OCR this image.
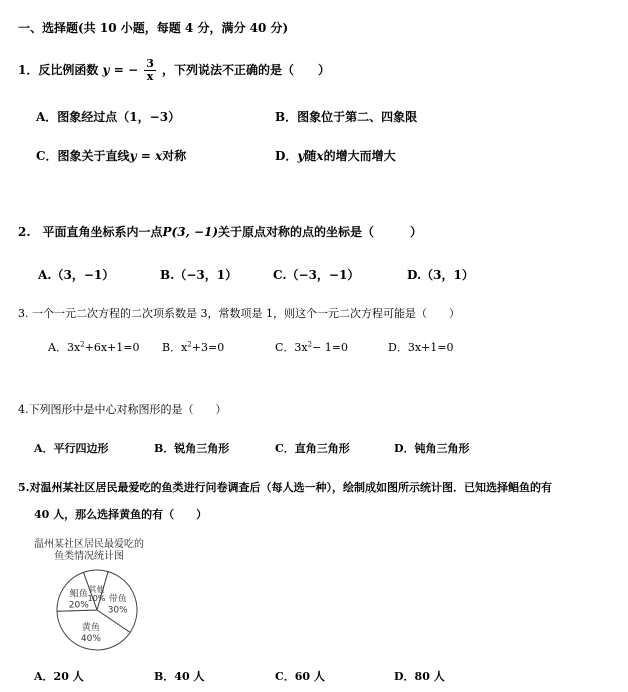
一、选择题(共 10 小题，每题 4 分，满分 40 分)
1．反比例函数 y = − $\frac{3}{x}$ ，下列说法不正确的是（　　）
A．图象经过点（1，−3）	B．图象位于第二、四象限
C．图象关于直线y = x对称	D．y随x的增大而增大
2.　平面直角坐标系内一点P(3, −1)关于原点对称的点的坐标是（　　　）
A.（3，−1）	B.（−3，1）	C.（−3，−1）	D.（3，1）
3. 一个一元二次方程的二次项系数是 3，常数项是 1，则这个一元二次方程可能是（　　）
A．$3x^2+6x+1=0$ B．$x^2+3=0$	C．$3x^2- 1=0$	D．3x+1=0
4.下列图形中是中心对称图形的是（　　）
A．平行四边形	B．锐角三角形	C．直角三角形	D．钝角三角形
5.对温州某社区居民最爱吃的鱼类进行问卷调查后（每人选一种），绘制成如图所示统计图．已知选择鲳鱼的有
40 人，那么选择黄鱼的有（　　）
温州某社区居民最爱吃的
鱼类情况统计图
其他
10% 带鱼
30%
黄鱼
40%
鲳鱼
20%
A．20 人	B．40 人	C．60 人	D．80 人
